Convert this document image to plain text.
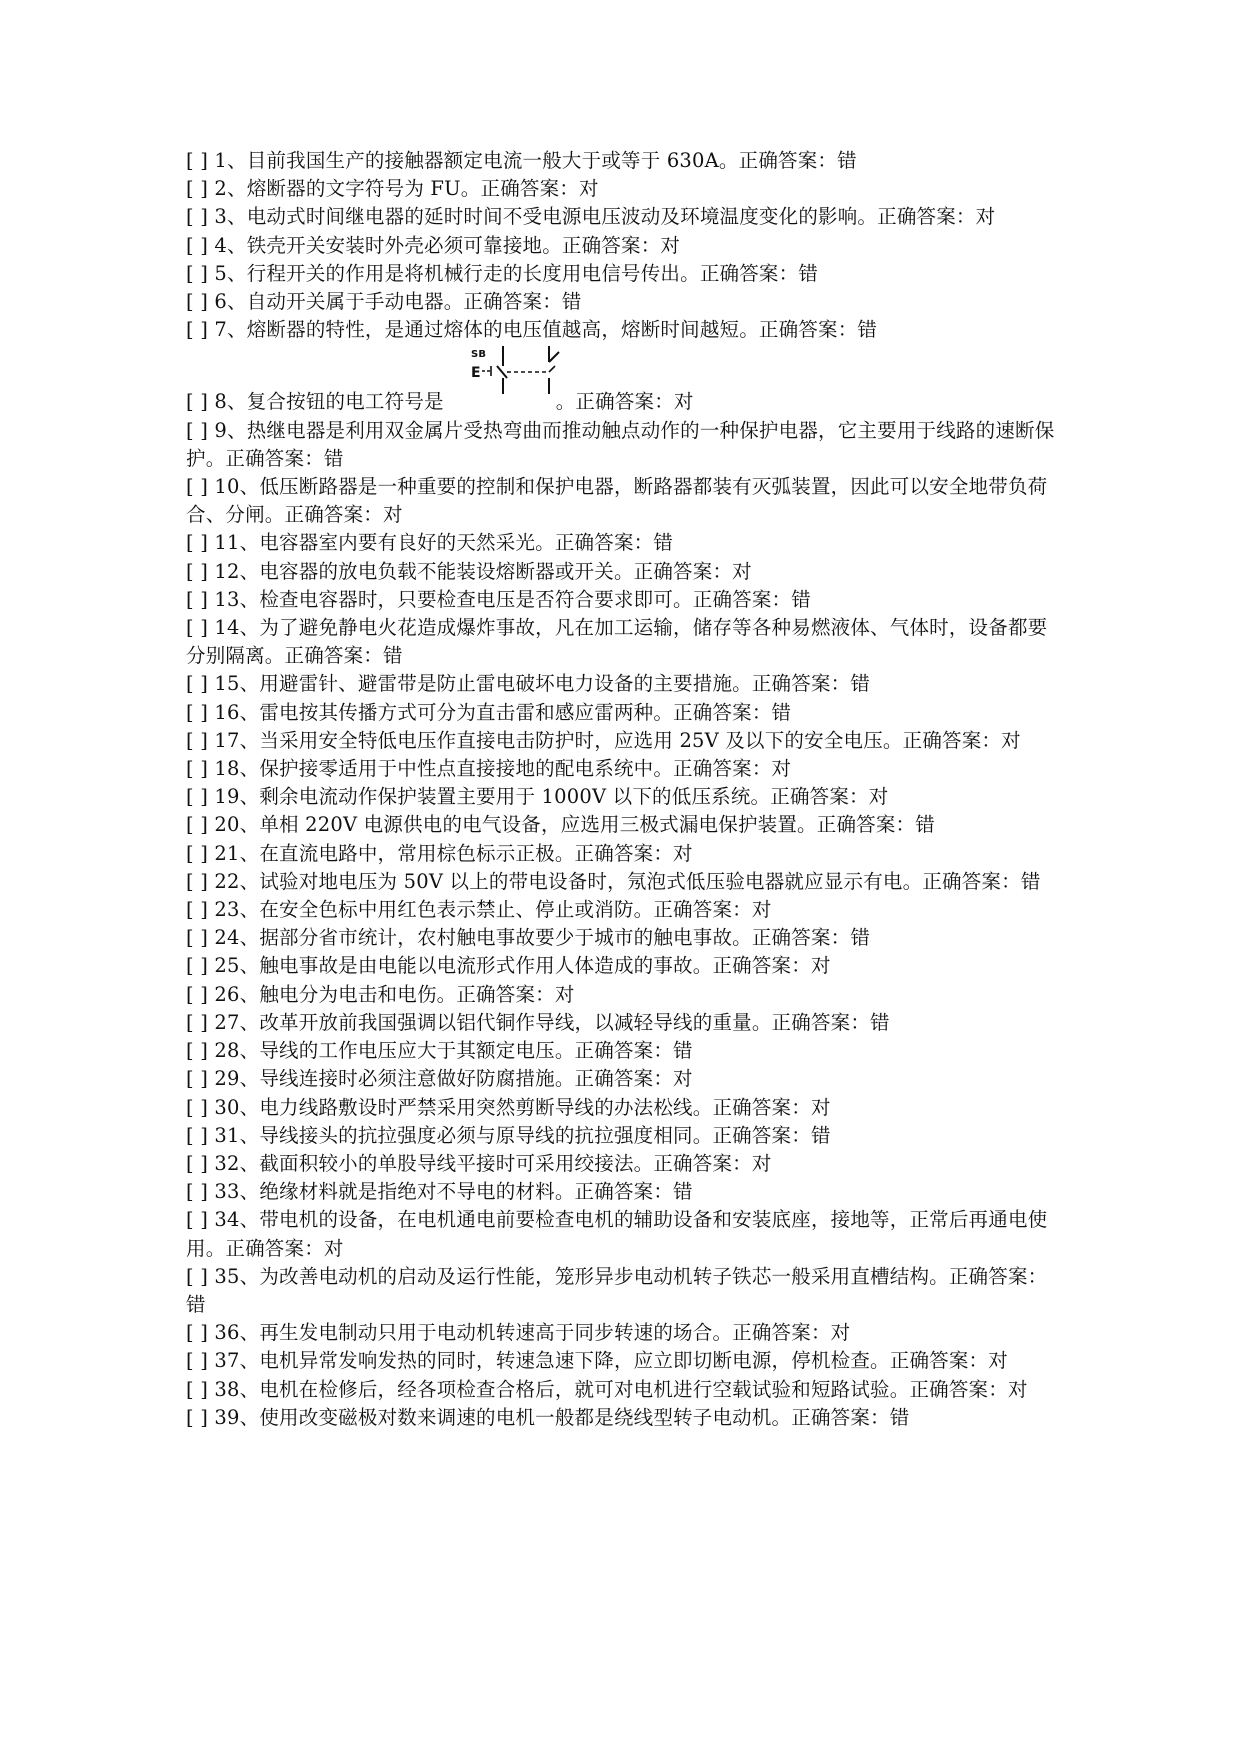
[ ] 1、目前我国生产的接触器额定电流一般大于或等于 630A。正确答案：错

[ ] 2、熔断器的文字符号为 FU。正确答案：对

[ ] 3、电动式时间继电器的延时时间不受电源电压波动及环境温度变化的影响。正确答案：对

[ ] 4、铁壳开关安装时外壳必须可靠接地。正确答案：对

[ ] 5、行程开关的作用是将机械行走的长度用电信号传出。正确答案：错

[ ] 6、自动开关属于手动电器。正确答案：错

[ ] 7、熔断器的特性，是通过熔体的电压值越高，熔断时间越短。正确答案：错

SB
E
[ ] 8、复合按钮的电工符号是	。正确答案：对

[ ] 9、热继电器是利用双金属片受热弯曲而推动触点动作的一种保护电器，它主要用于线路的速断保护。正确答案：错

[ ] 10、低压断路器是一种重要的控制和保护电器，断路器都装有灭弧装置，因此可以安全地带负荷合、分闸。正确答案：对

[ ] 11、电容器室内要有良好的天然采光。正确答案：错

[ ] 12、电容器的放电负载不能装设熔断器或开关。正确答案：对

[ ] 13、检查电容器时，只要检查电压是否符合要求即可。正确答案：错

[ ] 14、为了避免静电火花造成爆炸事故，凡在加工运输，储存等各种易燃液体、气体时，设备都要分别隔离。正确答案：错

[ ] 15、用避雷针、避雷带是防止雷电破坏电力设备的主要措施。正确答案：错

[ ] 16、雷电按其传播方式可分为直击雷和感应雷两种。正确答案：错

[ ] 17、当采用安全特低电压作直接电击防护时，应选用 25V 及以下的安全电压。正确答案：对

[ ] 18、保护接零适用于中性点直接接地的配电系统中。正确答案：对

[ ] 19、剩余电流动作保护装置主要用于 1000V 以下的低压系统。正确答案：对

[ ] 20、单相 220V 电源供电的电气设备，应选用三极式漏电保护装置。正确答案：错

[ ] 21、在直流电路中，常用棕色标示正极。正确答案：对

[ ] 22、试验对地电压为 50V 以上的带电设备时，氖泡式低压验电器就应显示有电。正确答案：错

[ ] 23、在安全色标中用红色表示禁止、停止或消防。正确答案：对

[ ] 24、据部分省市统计，农村触电事故要少于城市的触电事故。正确答案：错

[ ] 25、触电事故是由电能以电流形式作用人体造成的事故。正确答案：对

[ ] 26、触电分为电击和电伤。正确答案：对

[ ] 27、改革开放前我国强调以铝代铜作导线，以减轻导线的重量。正确答案：错

[ ] 28、导线的工作电压应大于其额定电压。正确答案：错

[ ] 29、导线连接时必须注意做好防腐措施。正确答案：对

[ ] 30、电力线路敷设时严禁采用突然剪断导线的办法松线。正确答案：对

[ ] 31、导线接头的抗拉强度必须与原导线的抗拉强度相同。正确答案：错

[ ] 32、截面积较小的单股导线平接时可采用绞接法。正确答案：对

[ ] 33、绝缘材料就是指绝对不导电的材料。正确答案：错

[ ] 34、带电机的设备，在电机通电前要检查电机的辅助设备和安装底座，接地等，正常后再通电使用。正确答案：对

[ ] 35、为改善电动机的启动及运行性能，笼形异步电动机转子铁芯一般采用直槽结构。正确答案：错

[ ] 36、再生发电制动只用于电动机转速高于同步转速的场合。正确答案：对

[ ] 37、电机异常发响发热的同时，转速急速下降，应立即切断电源，停机检查。正确答案：对

[ ] 38、电机在检修后，经各项检查合格后，就可对电机进行空载试验和短路试验。正确答案：对

[ ] 39、使用改变磁极对数来调速的电机一般都是绕线型转子电动机。正确答案：错
